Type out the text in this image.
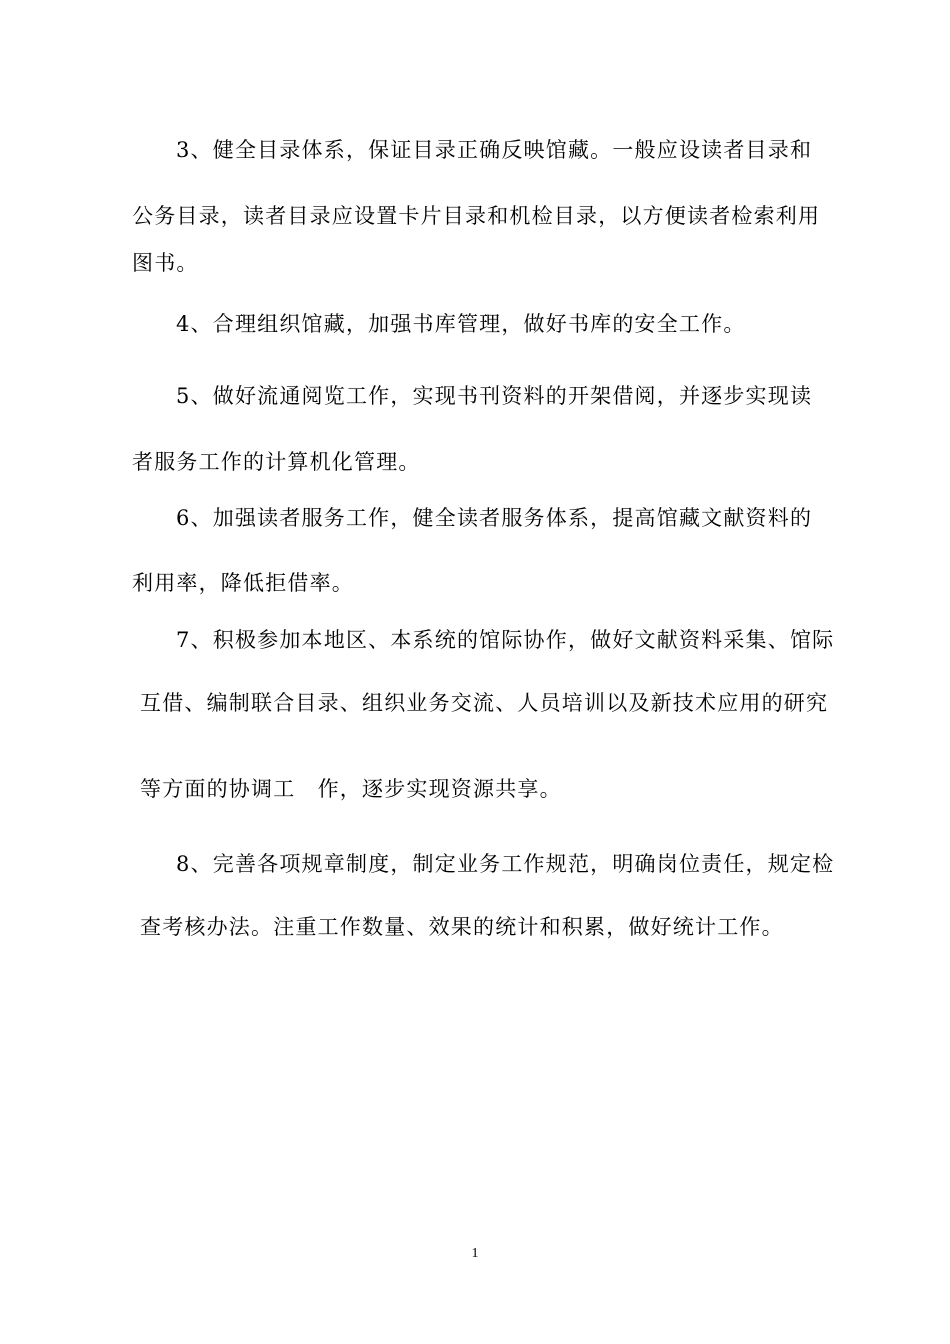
3、健全目录体系，保证目录正确反映馆藏。一般应设读者目录和
公务目录，读者目录应设置卡片目录和机检目录，以方便读者检索利用
图书。
4、合理组织馆藏，加强书库管理，做好书库的安全工作。
5、做好流通阅览工作，实现书刊资料的开架借阅，并逐步实现读
者服务工作的计算机化管理。
6、加强读者服务工作，健全读者服务体系，提高馆藏文献资料的
利用率，降低拒借率。
7、积极参加本地区、本系统的馆际协作，做好文献资料采集、馆际
互借、编制联合目录、组织业务交流、人员培训以及新技术应用的研究
等方面的协调工　作，逐步实现资源共享。
8、完善各项规章制度，制定业务工作规范，明确岗位责任，规定检
查考核办法。注重工作数量、效果的统计和积累，做好统计工作。
1
